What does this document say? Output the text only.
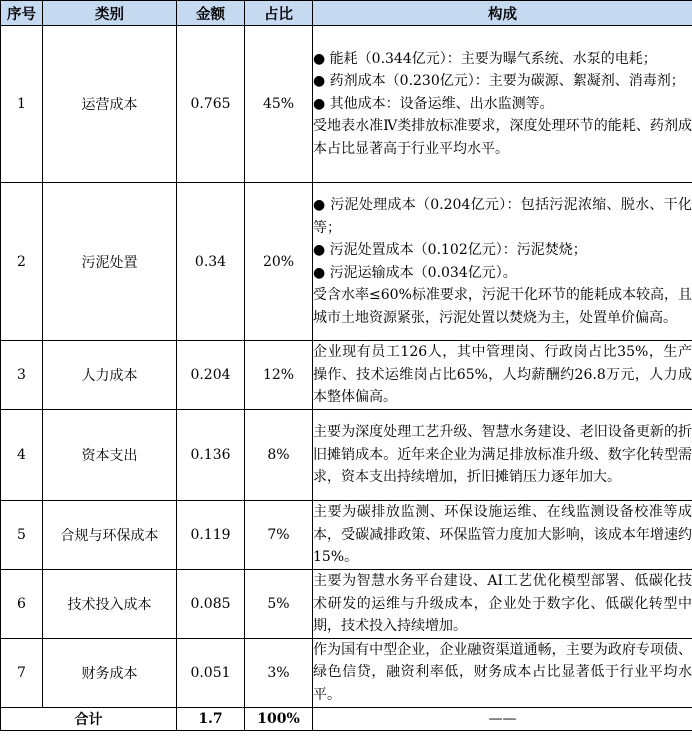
序号	类别	金额	占比	构成
1	运营成本	0.765	45%	● 能耗（0.344亿元）：主要为曝气系统、水泵的电耗；
● 药剂成本（0.230亿元）：主要为碳源、絮凝剂、消毒剂；
● 其他成本：设备运维、出水监测等。
受地表水准Ⅳ类排放标准要求，深度处理环节的能耗、药剂成本占比显著高于行业平均水平。

2	污泥处置	0.34	20%	● 污泥处理成本（0.204亿元）：包括污泥浓缩、脱水、干化等；
● 污泥处置成本（0.102亿元）：污泥焚烧；
● 污泥运输成本（0.034亿元）。
受含水率≤60%标准要求，污泥干化环节的能耗成本较高，且城市土地资源紧张，污泥处置以焚烧为主，处置单价偏高。

3	人力成本	0.204	12%	企业现有员工126人，其中管理岗、行政岗占比35%，生产操作、技术运维岗占比65%，人均薪酬约26.8万元，人力成本整体偏高。

4	资本支出	0.136	8%	主要为深度处理工艺升级、智慧水务建设、老旧设备更新的折旧摊销成本。近年来企业为满足排放标准升级、数字化转型需求，资本支出持续增加，折旧摊销压力逐年加大。

5	合规与环保成本	0.119	7%	主要为碳排放监测、环保设施运维、在线监测设备校准等成本，受碳减排政策、环保监管力度加大影响，该成本年增速约15%。

6	技术投入成本	0.085	5%	主要为智慧水务平台建设、AI工艺优化模型部署、低碳化技术研发的运维与升级成本，企业处于数字化、低碳化转型中期，技术投入持续增加。

7	财务成本	0.051	3%	作为国有中型企业，企业融资渠道通畅，主要为政府专项债、绿色信贷，融资利率低，财务成本占比显著低于行业平均水平。

合计		1.7	100%	——
